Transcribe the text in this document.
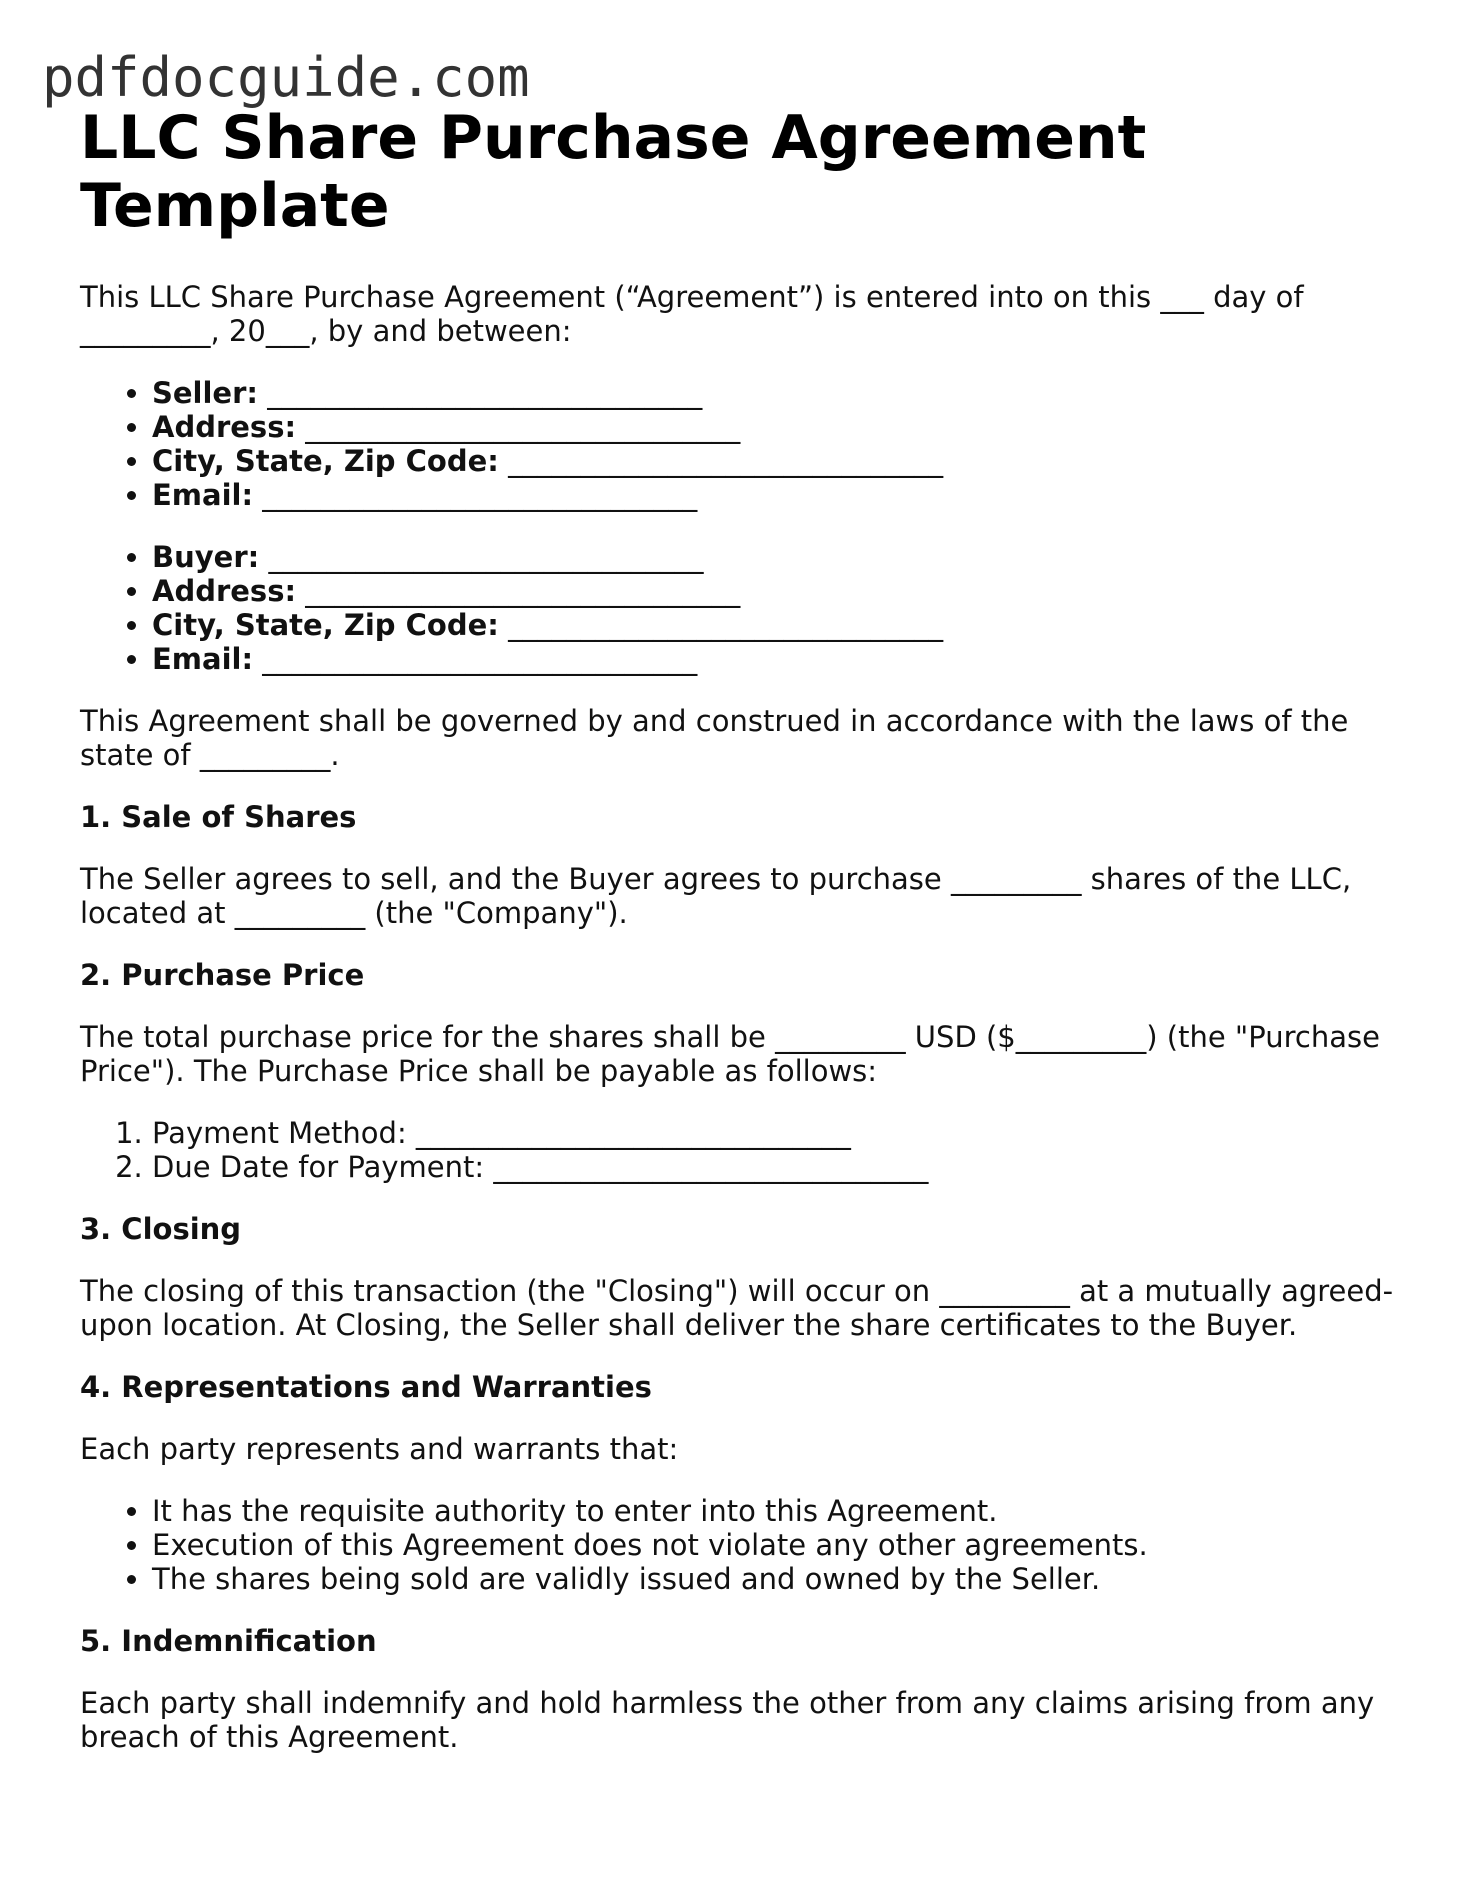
pdfdocguide.com
LLC Share Purchase Agreement Template

This LLC Share Purchase Agreement (“Agreement”) is entered into on this ___ day of _________, 20___, by and between:

• Seller: ______________________________
• Address: ______________________________
• City, State, Zip Code: ______________________________
• Email: ______________________________
• Buyer: ______________________________
• Address: ______________________________
• City, State, Zip Code: ______________________________
• Email: ______________________________

This Agreement shall be governed by and construed in accordance with the laws of the state of _________.

1. Sale of Shares

The Seller agrees to sell, and the Buyer agrees to purchase _________ shares of the LLC, located at _________ (the "Company").

2. Purchase Price

The total purchase price for the shares shall be _________ USD ($_________) (the "Purchase Price"). The Purchase Price shall be payable as follows:

1. Payment Method: ______________________________
2. Due Date for Payment: ______________________________
3. Closing

The closing of this transaction (the "Closing") will occur on _________ at a mutually agreed-upon location. At Closing, the Seller shall deliver the share certificates to the Buyer.

4. Representations and Warranties

Each party represents and warrants that:

• It has the requisite authority to enter into this Agreement.
• Execution of this Agreement does not violate any other agreements.
• The shares being sold are validly issued and owned by the Seller.
5. Indemnification

Each party shall indemnify and hold harmless the other from any claims arising from any breach of this Agreement.
